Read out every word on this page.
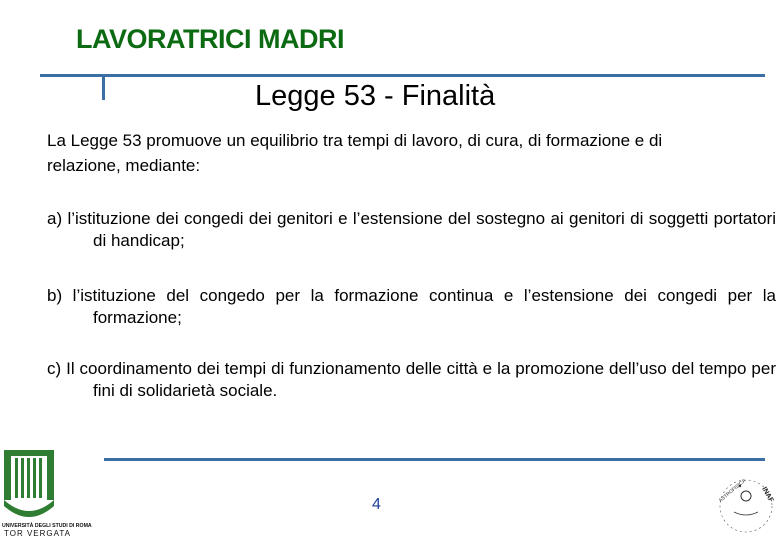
LAVORATRICI MADRI
Legge 53 - Finalità
La Legge 53 promuove un equilibrio tra tempi di lavoro, di cura, di formazione e di relazione, mediante:
a) l’istituzione dei congedi dei genitori e l’estensione del sostegno ai genitori di soggetti portatori di handicap;
b) l’istituzione del congedo per la formazione continua e l’estensione dei congedi per la formazione;
c) Il coordinamento dei tempi di funzionamento delle città e la promozione dell’uso del tempo per fini di solidarietà sociale.
4
UNIVERSITÀ DEGLI STUDI DI ROMA
TOR VERGATA
ASTROFISICA INAF
